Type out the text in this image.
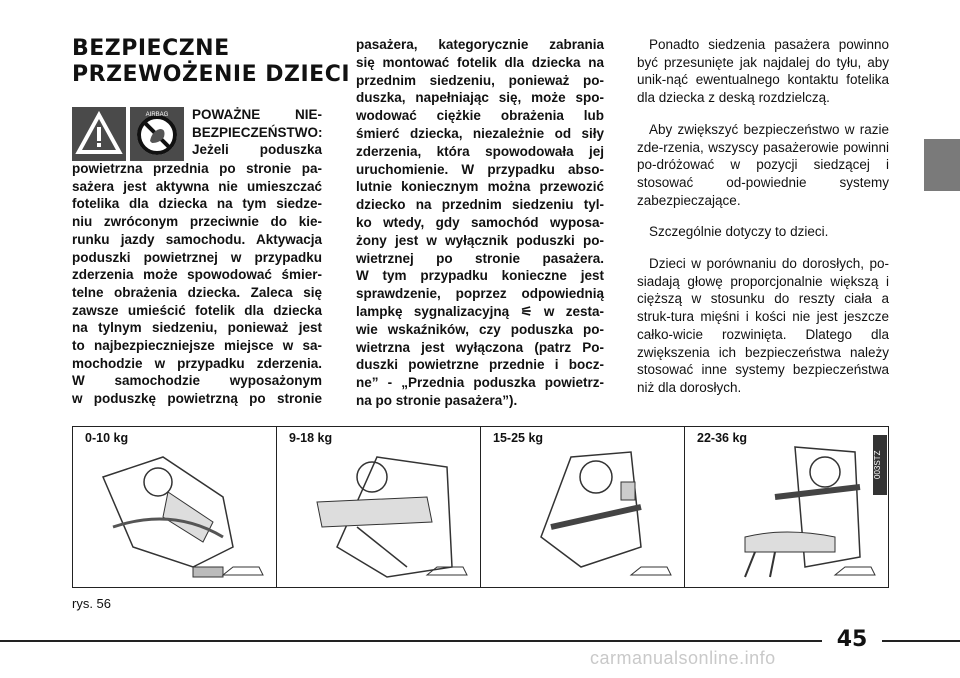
BEZPIECZNE
PRZEWOŻENIE DZIECI
AIRBAG POWAŻNE NIE-
BEZPIECZEŃSTWO:
Jeżeli poduszka
powietrzna przednia po stronie pa-
sażera jest aktywna nie umieszczać
fotelika dla dziecka na tym siedze-
niu zwróconym przeciwnie do kie-
runku jazdy samochodu. Aktywacja
poduszki powietrznej w przypadku
zderzenia może spowodować śmier-
telne obrażenia dziecka. Zaleca się
zawsze umieścić fotelik dla dziecka
na tylnym siedzeniu, ponieważ jest
to najbezpieczniejsze miejsce w sa-
mochodzie w przypadku zderzenia.
W samochodzie wyposażonym
w poduszkę powietrzną po stronie
pasażera, kategorycznie zabrania
się montować fotelik dla dziecka na
przednim siedzeniu, ponieważ po-
duszka, napełniając się, może spo-
wodować ciężkie obrażenia lub
śmierć dziecka, niezależnie od siły
zderzenia, która spowodowała jej
uruchomienie. W przypadku abso-
lutnie koniecznym można przewozić
dziecko na przednim siedzeniu tyl-
ko wtedy, gdy samochód wyposa-
żony jest w wyłącznik poduszki po-
wietrznej po stronie pasażera.
W tym przypadku konieczne jest
sprawdzenie, poprzez odpowiednią
lampkę sygnalizacyjną ⚟ w zesta-
wie wskaźników, czy poduszka po-
wietrzna jest wyłączona (patrz Po-
duszki powietrzne przednie i bocz-
ne” - „Przednia poduszka powietrz-
na po stronie pasażera”).

Ponadto siedzenia pasażera powinno być przesunięte jak najdalej do tyłu, aby unik-nąć ewentualnego kontaktu fotelika dla dziecka z deską rozdzielczą.

Aby zwiększyć bezpieczeństwo w razie zde-rzenia, wszyscy pasażerowie powinni po-dróżować w pozycji siedzącej i stosować od-powiednie systemy zabezpieczające.

Szczególnie dotyczy to dzieci.

Dzieci w porównaniu do dorosłych, po-siadają głowę proporcjonalnie większą i cięższą w stosunku do reszty ciała a struk-tura mięśni i kości nie jest jeszcze całko-wicie rozwinięta. Dlatego dla zwiększenia ich bezpieczeństwa należy stosować inne systemy bezpieczeństwa niż dla dorosłych.

0-10 kg	9-18 kg	15-25 kg	22-36 kg
003STZ
rys. 56
45
carmanualsonline.info
